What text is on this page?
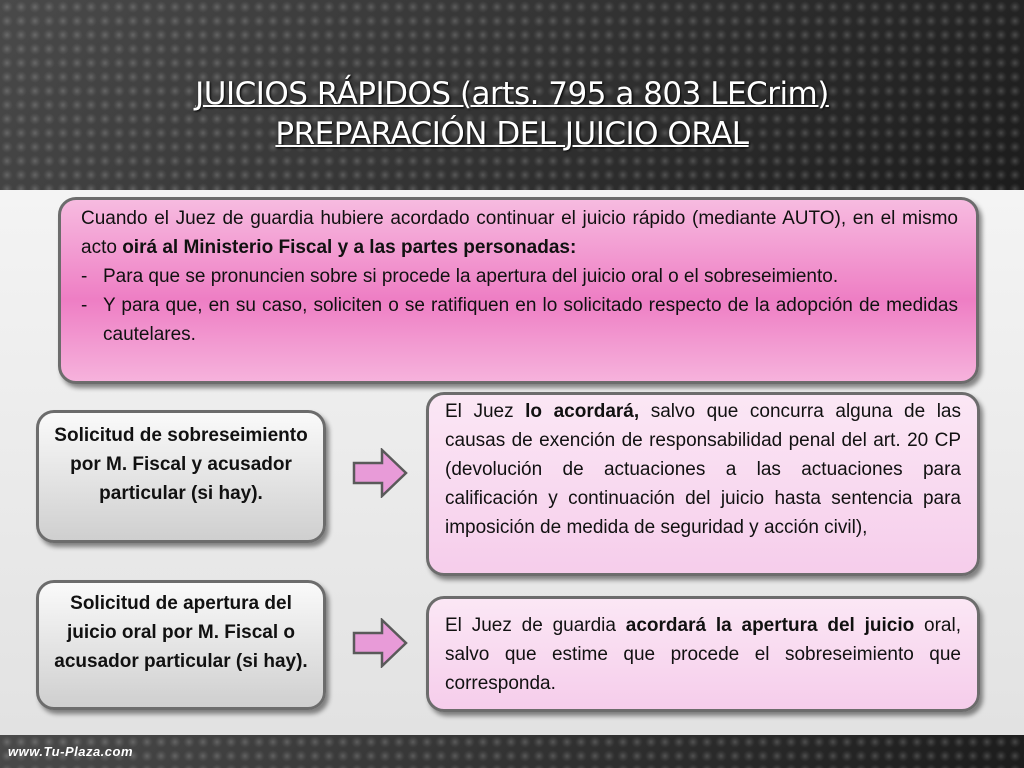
JUICIOS RÁPIDOS (arts. 795 a 803 LECrim)
PREPARACIÓN DEL JUICIO ORAL
Cuando el Juez de guardia hubiere acordado continuar el juicio rápido (mediante AUTO), en el mismo acto oirá al Ministerio Fiscal y a las partes personadas:
- Para que se pronuncien sobre si procede la apertura del juicio oral o el sobreseimiento.
- Y para que, en su caso, soliciten o se ratifiquen en lo solicitado respecto de la adopción de medidas cautelares.
Solicitud de sobreseimiento por M. Fiscal y acusador particular (si hay).
Solicitud de apertura del juicio oral por M. Fiscal o acusador particular (si hay).
El Juez lo acordará, salvo que concurra alguna de las causas de exención de responsabilidad penal del art. 20 CP (devolución de actuaciones a las actuaciones para calificación y continuación del juicio hasta sentencia para imposición de medida de seguridad y acción civil),
El Juez de guardia acordará la apertura del juicio oral, salvo que estime que procede el sobreseimiento que corresponda.
www.Tu-Plaza.com
